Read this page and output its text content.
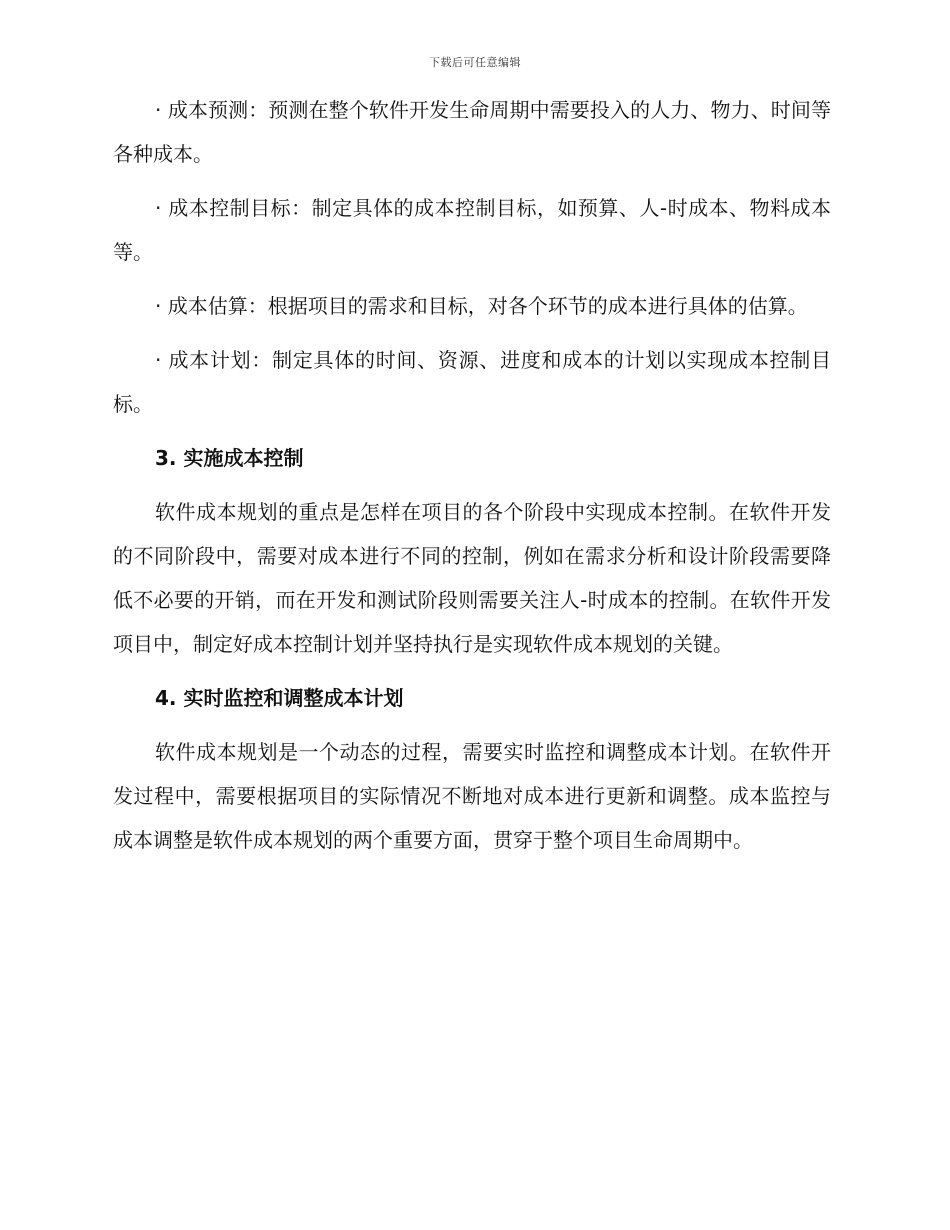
下载后可任意编辑

· 成本预测：预测在整个软件开发生命周期中需要投入的人力、物力、时间等各种成本。

· 成本控制目标：制定具体的成本控制目标，如预算、人-时成本、物料成本等。

· 成本估算：根据项目的需求和目标，对各个环节的成本进行具体的估算。

· 成本计划：制定具体的时间、资源、进度和成本的计划以实现成本控制目标。

3. 实施成本控制

软件成本规划的重点是怎样在项目的各个阶段中实现成本控制。在软件开发的不同阶段中，需要对成本进行不同的控制，例如在需求分析和设计阶段需要降低不必要的开销，而在开发和测试阶段则需要关注人-时成本的控制。在软件开发项目中，制定好成本控制计划并坚持执行是实现软件成本规划的关键。

4. 实时监控和调整成本计划

软件成本规划是一个动态的过程，需要实时监控和调整成本计划。在软件开发过程中，需要根据项目的实际情况不断地对成本进行更新和调整。成本监控与成本调整是软件成本规划的两个重要方面，贯穿于整个项目生命周期中。
